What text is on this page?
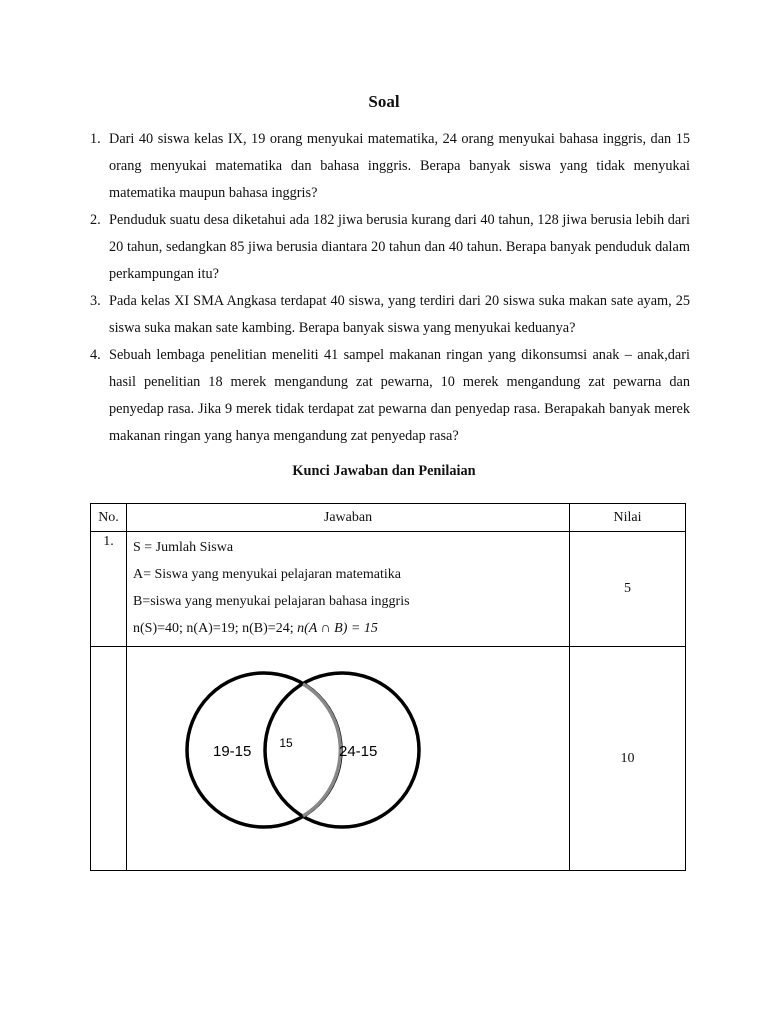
Soal
1. Dari 40 siswa kelas IX, 19 orang menyukai matematika, 24 orang menyukai bahasa inggris, dan 15 orang menyukai matematika dan bahasa inggris. Berapa banyak siswa yang tidak menyukai matematika maupun bahasa inggris?
2. Penduduk suatu desa diketahui ada 182 jiwa berusia kurang dari 40 tahun, 128 jiwa berusia lebih dari 20 tahun, sedangkan 85 jiwa berusia diantara 20 tahun dan 40 tahun. Berapa banyak penduduk dalam perkampungan itu?
3. Pada kelas XI SMA Angkasa terdapat 40 siswa, yang terdiri dari 20 siswa suka makan sate ayam, 25 siswa suka makan sate kambing. Berapa banyak siswa yang menyukai keduanya?
4. Sebuah lembaga penelitian meneliti 41 sampel makanan ringan yang dikonsumsi anak – anak,dari hasil penelitian 18 merek mengandung zat pewarna, 10 merek mengandung zat pewarna dan penyedap rasa. Jika 9 merek tidak terdapat zat pewarna dan penyedap rasa. Berapakah banyak merek makanan ringan yang hanya mengandung zat penyedap rasa?
Kunci Jawaban dan Penilaian
No.	Jawaban	Nilai
1.	S = Jumlah Siswa
A= Siswa yang menyukai pelajaran matematika
B=siswa yang menyukai pelajaran bahasa inggris
n(S)=40; n(A)=19; n(B)=24; n(A ∩ B) = 15	5

19-15 15 24-15	10
